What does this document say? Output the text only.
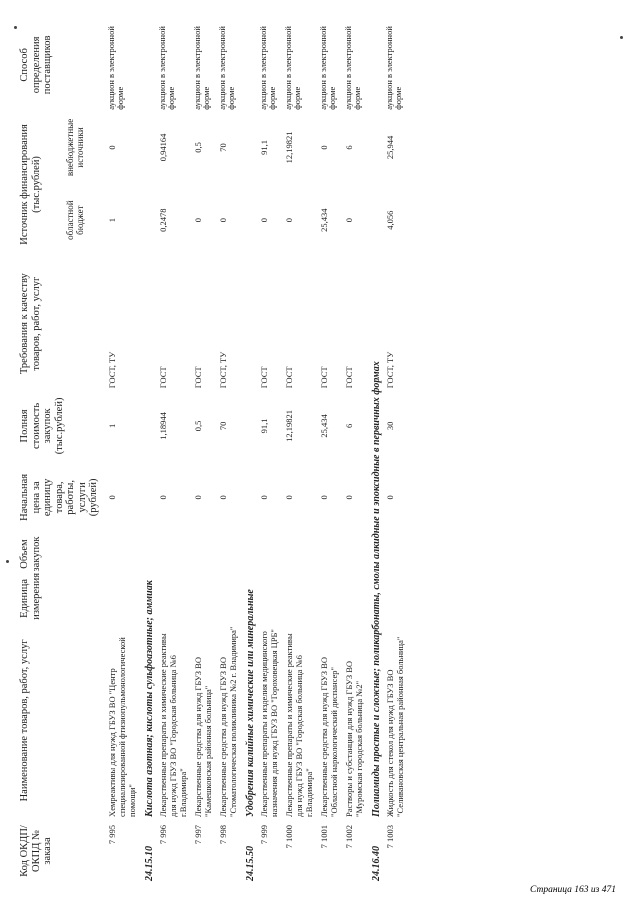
Код ОКДП/ ОКПД № заказа	Наименование товаров, работ, услуг	Единица измерения	Объем закупок	Начальная цена за единицу товара, работы, услуги (рублей)	Полная стоимость закупок (тыс.рублей)	Требования к качеству товаров, работ, услуг	Источник финансирования (тыс.рублей)		Способ определения поставщиков
							областной бюджет	внебюджетные источники	
7 995	Хемреактивы для нужд ГБУЗ ВО "Центр специализированной фтизиопульмонологической помощи"			0	1	ГОСТ, ТУ	1	0	аукцион в электронной форме
24.15.10	Кислота азотная; кислоты сульфоазотные; аммиак								
7 996	Лекарственные препараты и химические реактивы для нужд ГБУЗ ВО "Городская больница №6 г.Владимира"			0	1,18944	ГОСТ	0,2478	0,94164	аукцион в электронной форме
7 997	Лекарственные средства для нужд ГБУЗ ВО "Камешковская районная больница"			0	0,5	ГОСТ	0	0,5	аукцион в электронной форме
7 998	Лекарственные средства для нужд ГБУЗ ВО "Стоматологическая поликлиника №2 г. Владимира"			0	70	ГОСТ, ТУ	0	70	аукцион в электронной форме
24.15.50	Удобрения калийные химические или минеральные								
7 999	Лекарственные препараты и изделия медицинского назначения для нужд ГБУЗ ВО "Гороховецкая ЦРБ"			0	91,1	ГОСТ	0	91,1	аукцион в электронной форме
7 1000	Лекарственные препараты и химические реактивы для нужд ГБУЗ ВО "Городская больница №6 г.Владимира"			0	12,19821	ГОСТ	0	12,19821	аукцион в электронной форме
7 1001	Лекарственные средства для нужд ГБУЗ ВО "Областной наркологический диспансер"			0	25,434	ГОСТ	25,434	0	аукцион в электронной форме
7 1002	Растворы и субстанции для нужд ГБУЗ ВО "Муромская городская больница №2"			0	6	ГОСТ	0	6	аукцион в электронной форме
24.16.40	Полиамиды простые и сложные; поликарбонаты, смолы алкидные и эпоксидные в первичных формах								
7 1003	Жидкость для стекол для нужд ГБУЗ ВО "Селивановская центральная районная больница"			0	30	ГОСТ, ТУ	4,056	25,944	аукцион в электронной форме
Страница 163 из 471
